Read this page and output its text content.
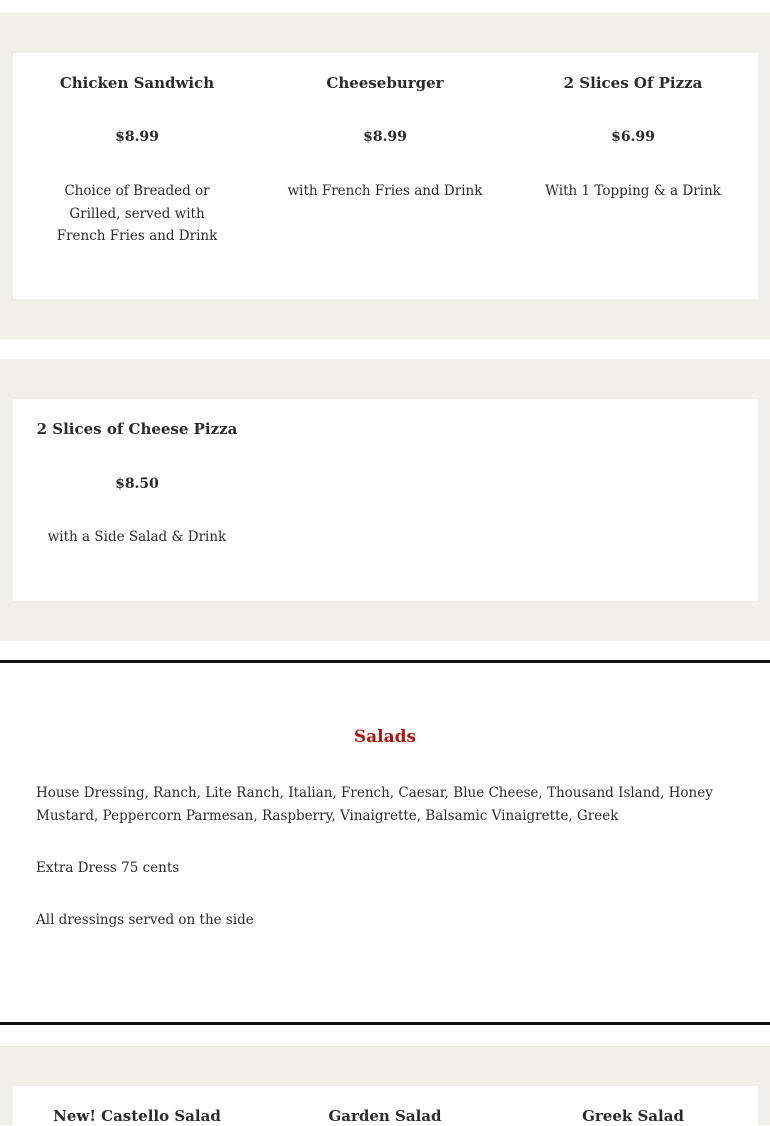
Chicken Sandwich
$8.99
Choice of Breaded or Grilled, served with French Fries and Drink
Cheeseburger
$8.99
with French Fries and Drink
2 Slices Of Pizza
$6.99
With 1 Topping & a Drink
2 Slices of Cheese Pizza
$8.50
with a Side Salad & Drink
Salads
House Dressing, Ranch, Lite Ranch, Italian, French, Caesar, Blue Cheese, Thousand Island, Honey Mustard, Peppercorn Parmesan, Raspberry, Vinaigrette, Balsamic Vinaigrette, Greek
Extra Dress 75 cents
All dressings served on the side
New! Castello Salad	Garden Salad	Greek Salad
